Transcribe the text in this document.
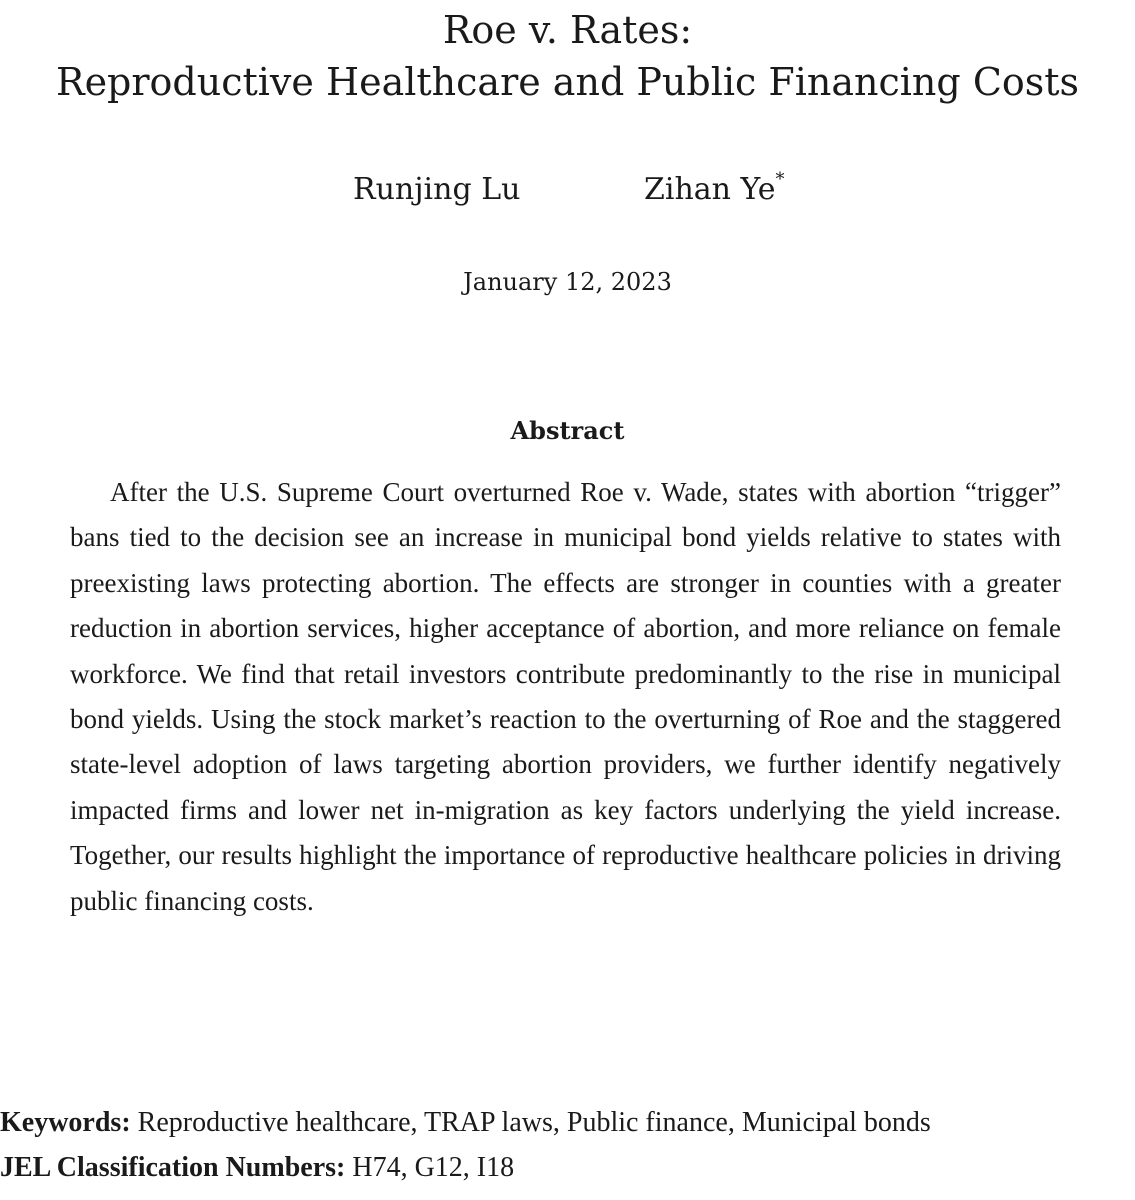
Roe v. Rates:
Reproductive Healthcare and Public Financing Costs
Runjing Lu	Zihan Ye*
January 12, 2023
Abstract

After the U.S. Supreme Court overturned Roe v. Wade, states with abortion “trigger” bans tied to the decision see an increase in municipal bond yields relative to states with preexisting laws protecting abortion. The effects are stronger in counties with a greater reduction in abortion services, higher acceptance of abortion, and more reliance on female workforce. We find that retail investors contribute predominantly to the rise in municipal bond yields. Using the stock market’s reaction to the overturning of Roe and the staggered state-level adoption of laws targeting abortion providers, we further identify negatively impacted firms and lower net in-migration as key factors underlying the yield increase. Together, our results highlight the importance of reproductive healthcare policies in driving public financing costs.

Keywords: Reproductive healthcare, TRAP laws, Public finance, Municipal bonds
JEL Classification Numbers: H74, G12, I18
